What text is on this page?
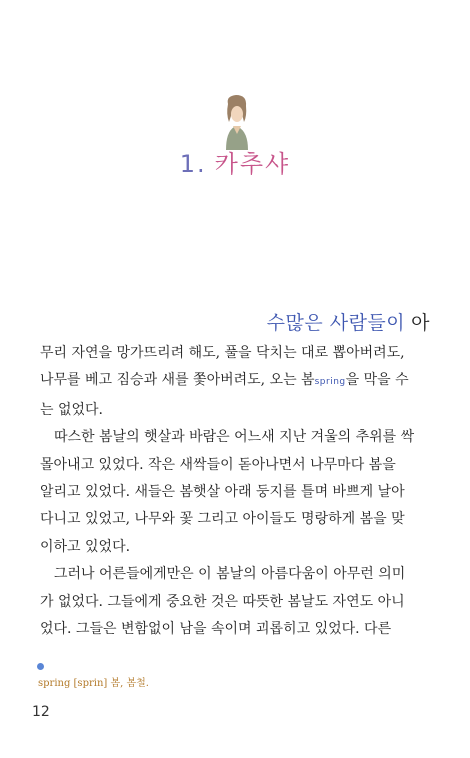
1. 카추샤
수많은 사람들이 아
무리 자연을 망가뜨리려 해도, 풀을 닥치는 대로 뽑아버려도,
나무를 베고 짐승과 새를 쫓아버려도, 오는 봄spring을 막을 수
는 없었다.
따스한 봄날의 햇살과 바람은 어느새 지난 겨울의 추위를 싹
몰아내고 있었다. 작은 새싹들이 돋아나면서 나무마다 봄을
알리고 있었다. 새들은 봄햇살 아래 둥지를 틀며 바쁘게 날아
다니고 있었고, 나무와 꽃 그리고 아이들도 명랑하게 봄을 맞
이하고 있었다.
그러나 어른들에게만은 이 봄날의 아름다움이 아무런 의미
가 없었다. 그들에게 중요한 것은 따뜻한 봄날도 자연도 아니
었다. 그들은 변함없이 남을 속이며 괴롭히고 있었다. 다른
spring [sprin] 봄, 봄철.
12
